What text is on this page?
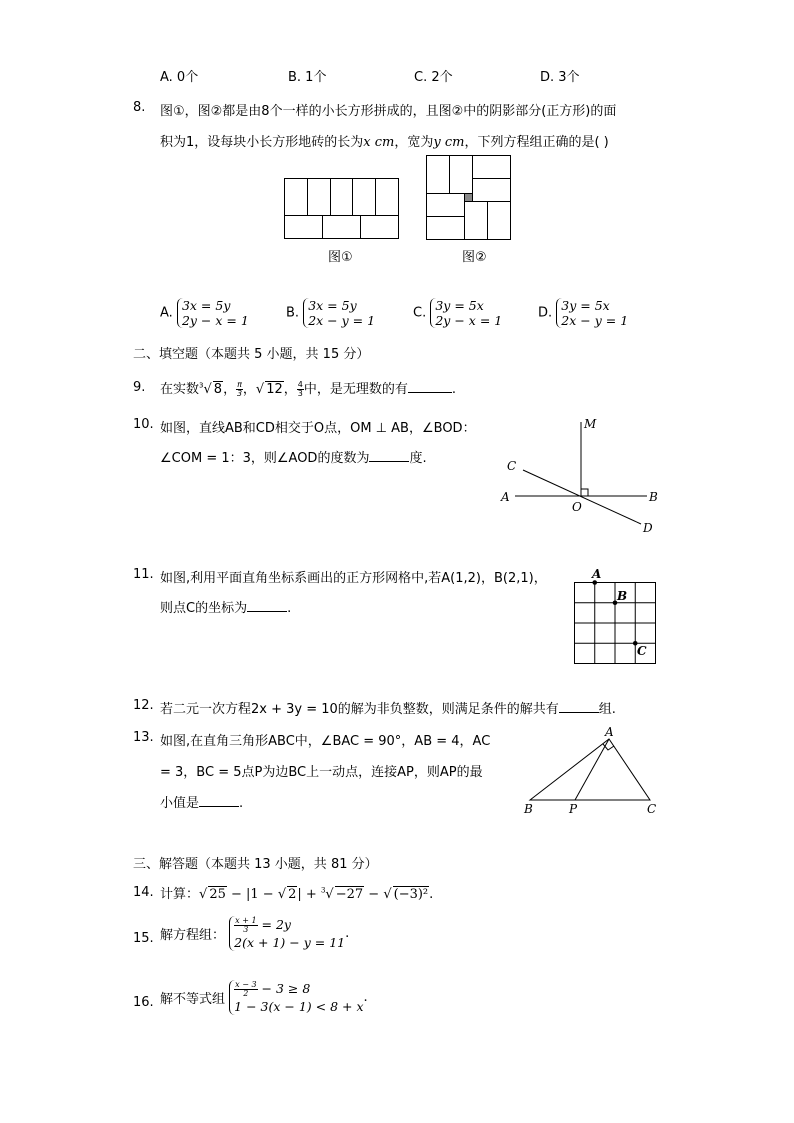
A. 0个	B. 1个	C. 2个	D. 3个
8. 图①，图②都是由8个一样的小长方形拼成的，且图②中的阴影部分(正方形)的面
积为1，设每块小长方形地砖的长为x cm，宽为y cm，下列方程组正确的是( )
图①	图②
A. 3x = 5y
2y − x = 1	B. 3x = 5y
2x − y = 1	C. 3y = 5x
2y − x = 1	D. 3y = 5x
2x − y = 1
二、填空题（本题共 5 小题，共 15 分）
9. 在实数$^3$√ 8， $\frac{\pi}{3}$ ，√ 12， $\frac{4}{3}$ 中，是无理数的有	.
10. 如图，直线AB和CD相交于O点，OM ⊥ AB，∠BOD：
∠COM = 1：3，则∠AOD的度数为	度.
M
C
A
O
B
D
11. 如图,利用平面直角坐标系画出的正方形网格中,若A(1,2)，B(2,1)，
则点C的坐标为	.
A
B
C
12. 若二元一次方程2x + 3y = 10的解为非负整数，则满足条件的解共有	组.
13. 如图,在直角三角形ABC中，∠BAC = 90°，AB = 4，AC
= 3，BC = 5点P为边BC上一动点，连接AP，则AP的最
小值是	.
A
B	P	C
三、解答题（本题共 13 小题，共 81 分）
14. 计算：√ 25 − |1 − √ 2| + $^3$√ −27 − √ (−3)².
15. 解方程组：
$\frac{x + 1}{3} = 2y$
2(x + 1) − y = 11.
16. 解不等式组
$\frac{x - 3}{2} - 3 \ge 8$
1 − 3(x − 1) < 8 + x.
